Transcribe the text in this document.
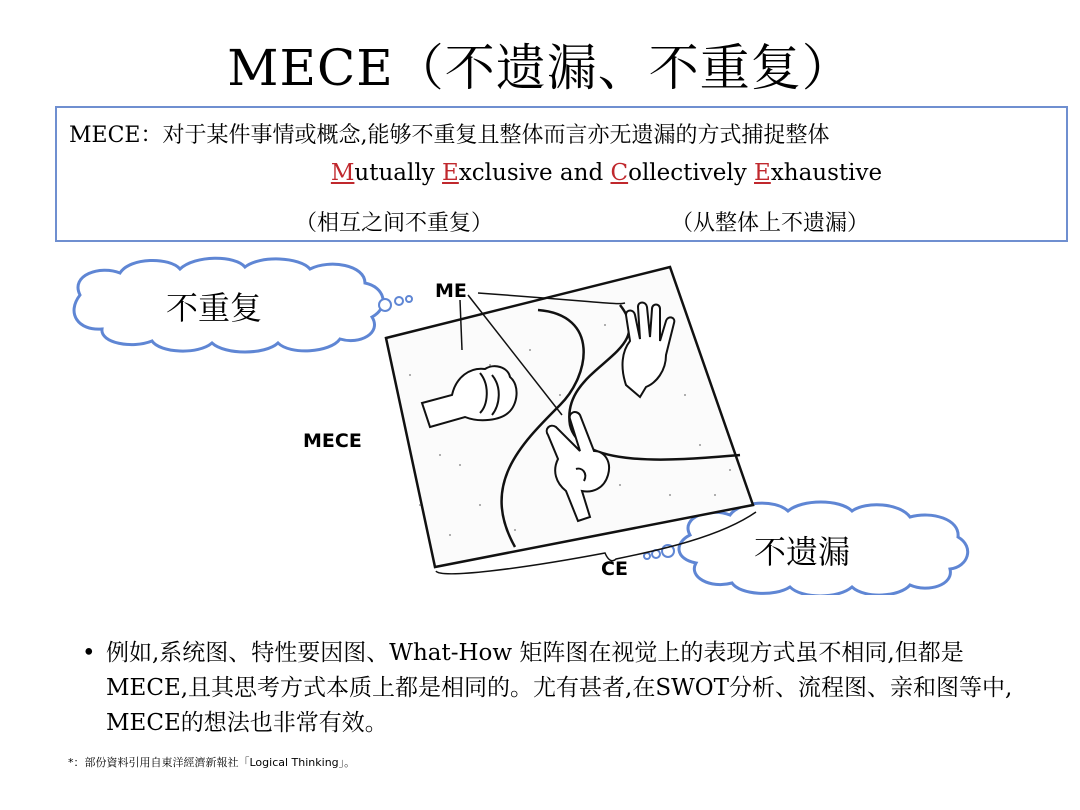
MECE（不遗漏、不重复）
MECE：对于某件事情或概念,能够不重复且整体而言亦无遗漏的方式捕捉整体
Mutually Exclusive and Collectively Exhaustive
（相互之间不重复）	（从整体上不遗漏）
不重复
不遗漏
ME
MECE
CE
• 例如,系统图、特性要因图、What-How 矩阵图在视觉上的表现方式虽不相同,但都是MECE,且其思考方式本质上都是相同的。尤有甚者,在SWOT分析、流程图、亲和图等中, MECE的想法也非常有效。
*：部份資料引用自東洋經濟新報社「Logical Thinking」。
